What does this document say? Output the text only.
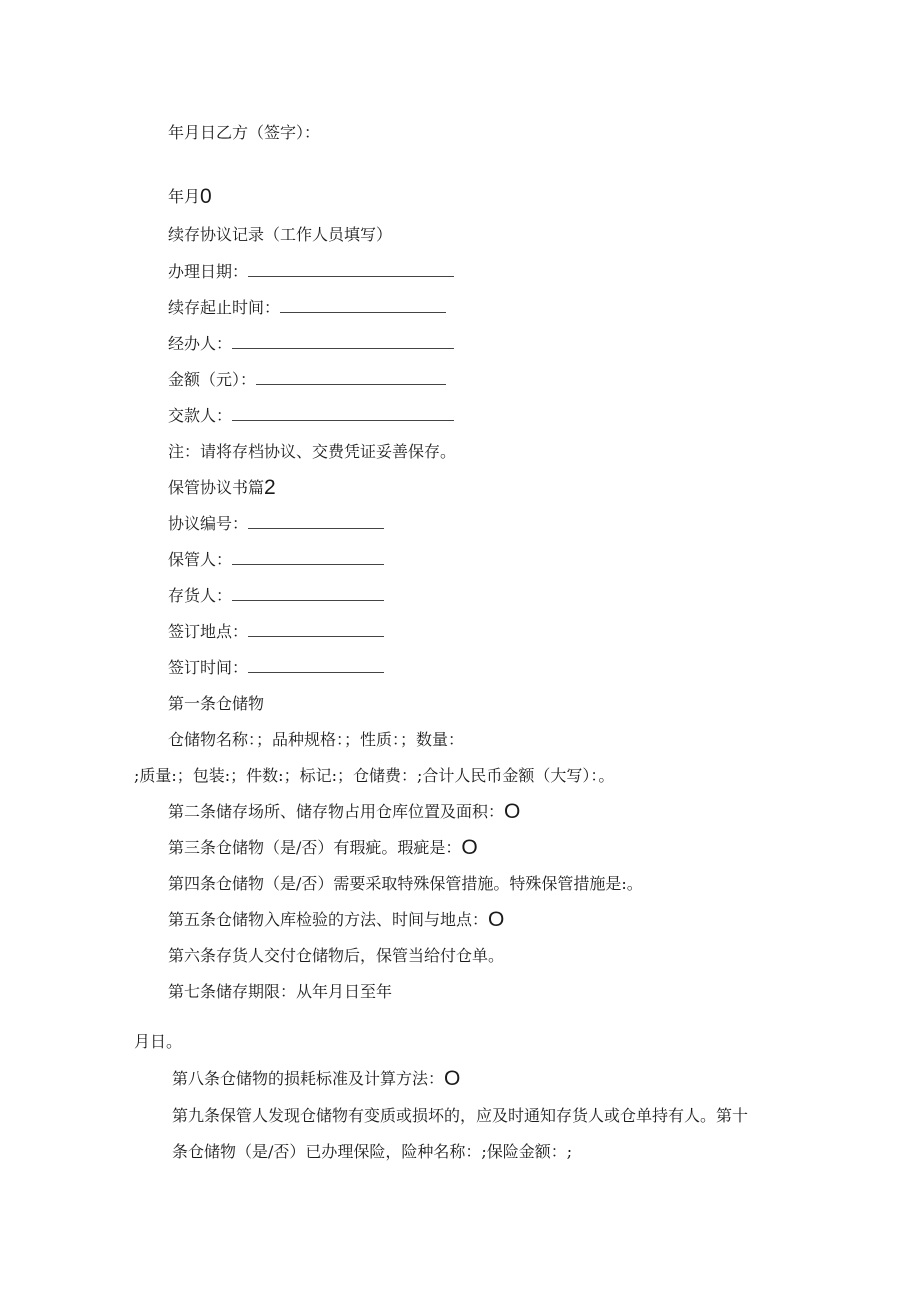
年月日乙方（签字）：
年月0
续存协议记录（工作人员填写）
办理日期：
续存起止时间：
经办人：
金额（元）：
交款人：
注：请将存档协议、交费凭证妥善保存。
保管协议书篇2
协议编号：
保管人：
存货人：
签订地点：
签订时间：
第一条仓储物
仓储物名称：；品种规格：；性质：；数量：
;质量:；包装:；件数:；标记:；仓储费：;合计人民币金额（大写）：。
第二条储存场所、储存物占用仓库位置及面积：O
第三条仓储物（是/否）有瑕疵。瑕疵是：O
第四条仓储物（是/否）需要采取特殊保管措施。特殊保管措施是:。
第五条仓储物入库检验的方法、时间与地点：O
第六条存货人交付仓储物后，保管当给付仓单。
第七条储存期限：从年月日至年
月日。
第八条仓储物的损耗标准及计算方法：O
第九条保管人发现仓储物有变质或损坏的，应及时通知存货人或仓单持有人。第十
条仓储物（是/否）已办理保险，险种名称：;保险金额：;
